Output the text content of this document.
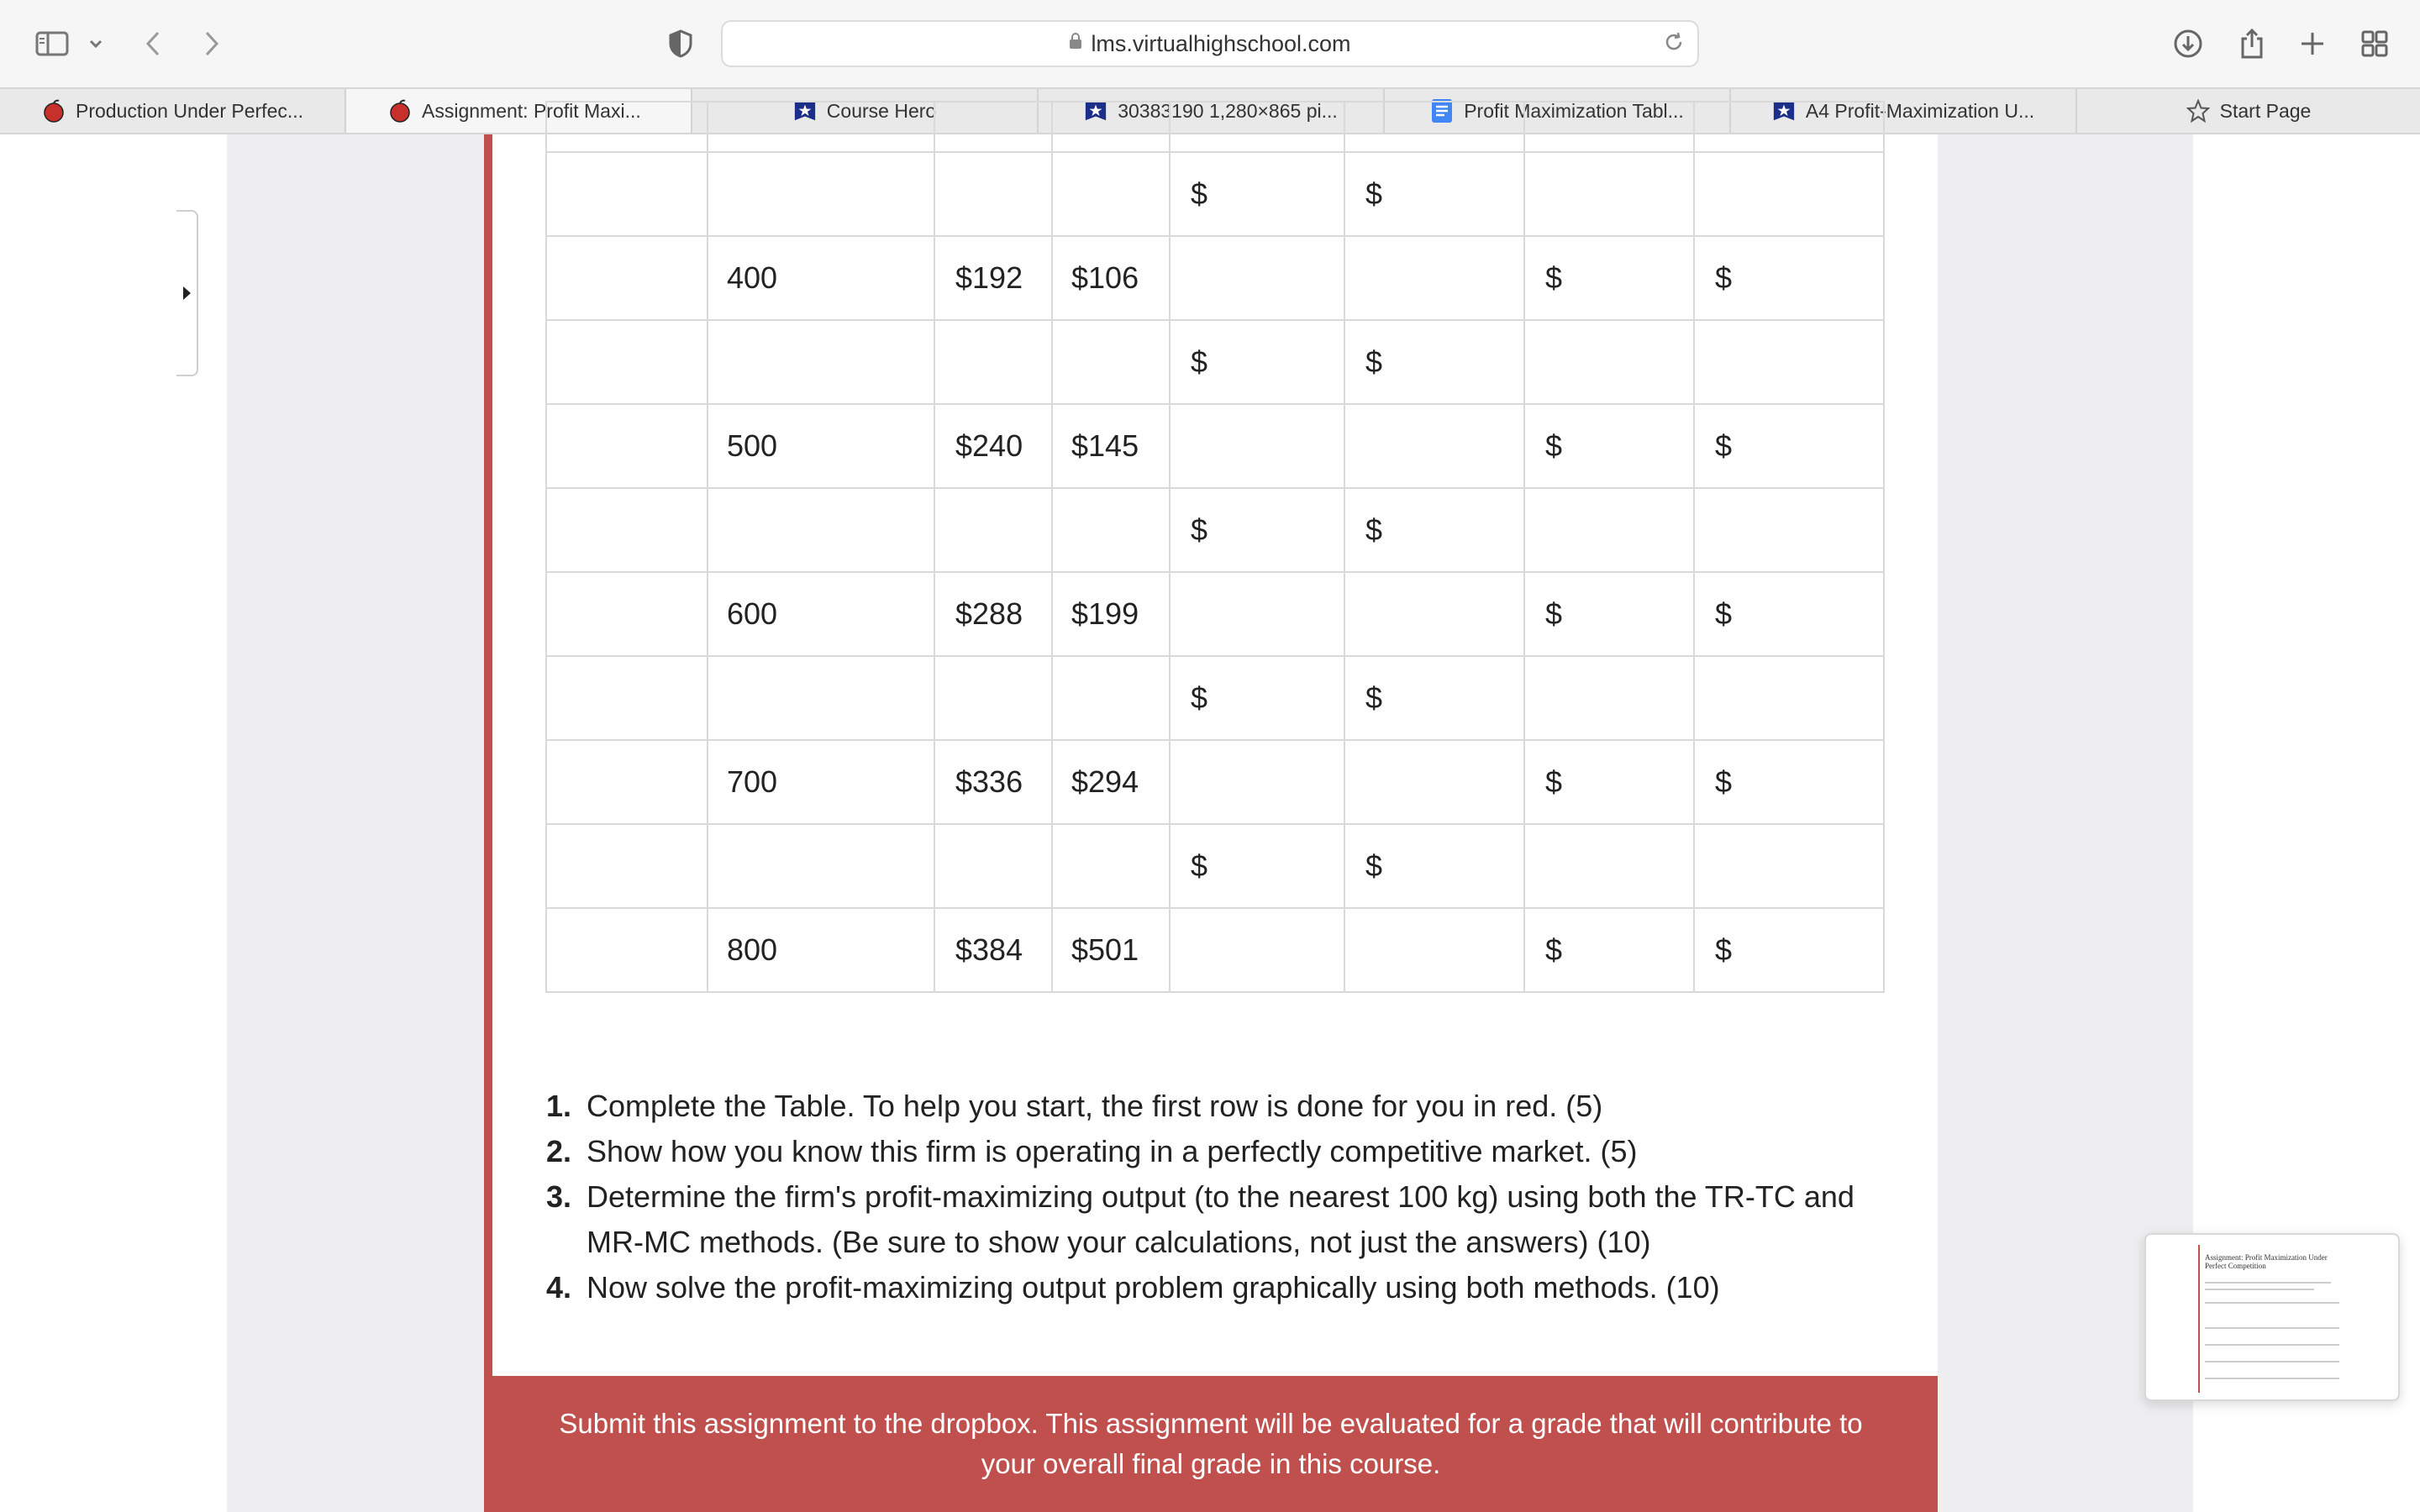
lms.virtualhighschool.com
Production Under Perfec...	Assignment: Profit Maxi...	Course Hero	30383190 1,280×865 pi...	Profit Maximization Tabl...	A4 Profit-Maximization U...	Start Page

				$	$		
	400	$192	$106			$	$
				$	$		
	500	$240	$145			$	$
				$	$		
	600	$288	$199			$	$
				$	$		
	700	$336	$294			$	$
				$	$		
	800	$384	$501			$	$
1. Complete the Table. To help you start, the first row is done for you in red. (5)
2. Show how you know this firm is operating in a perfectly competitive market. (5)
3. Determine the firm's profit-maximizing output (to the nearest 100 kg) using both the TR-TC and MR-MC methods. (Be sure to show your calculations, not just the answers) (10)
4. Now solve the profit-maximizing output problem graphically using both methods. (10)
Submit this assignment to the dropbox. This assignment will be evaluated for a grade that will contribute to your overall final grade in this course.
Assignment: Profit Maximization Under Perfect Competition
